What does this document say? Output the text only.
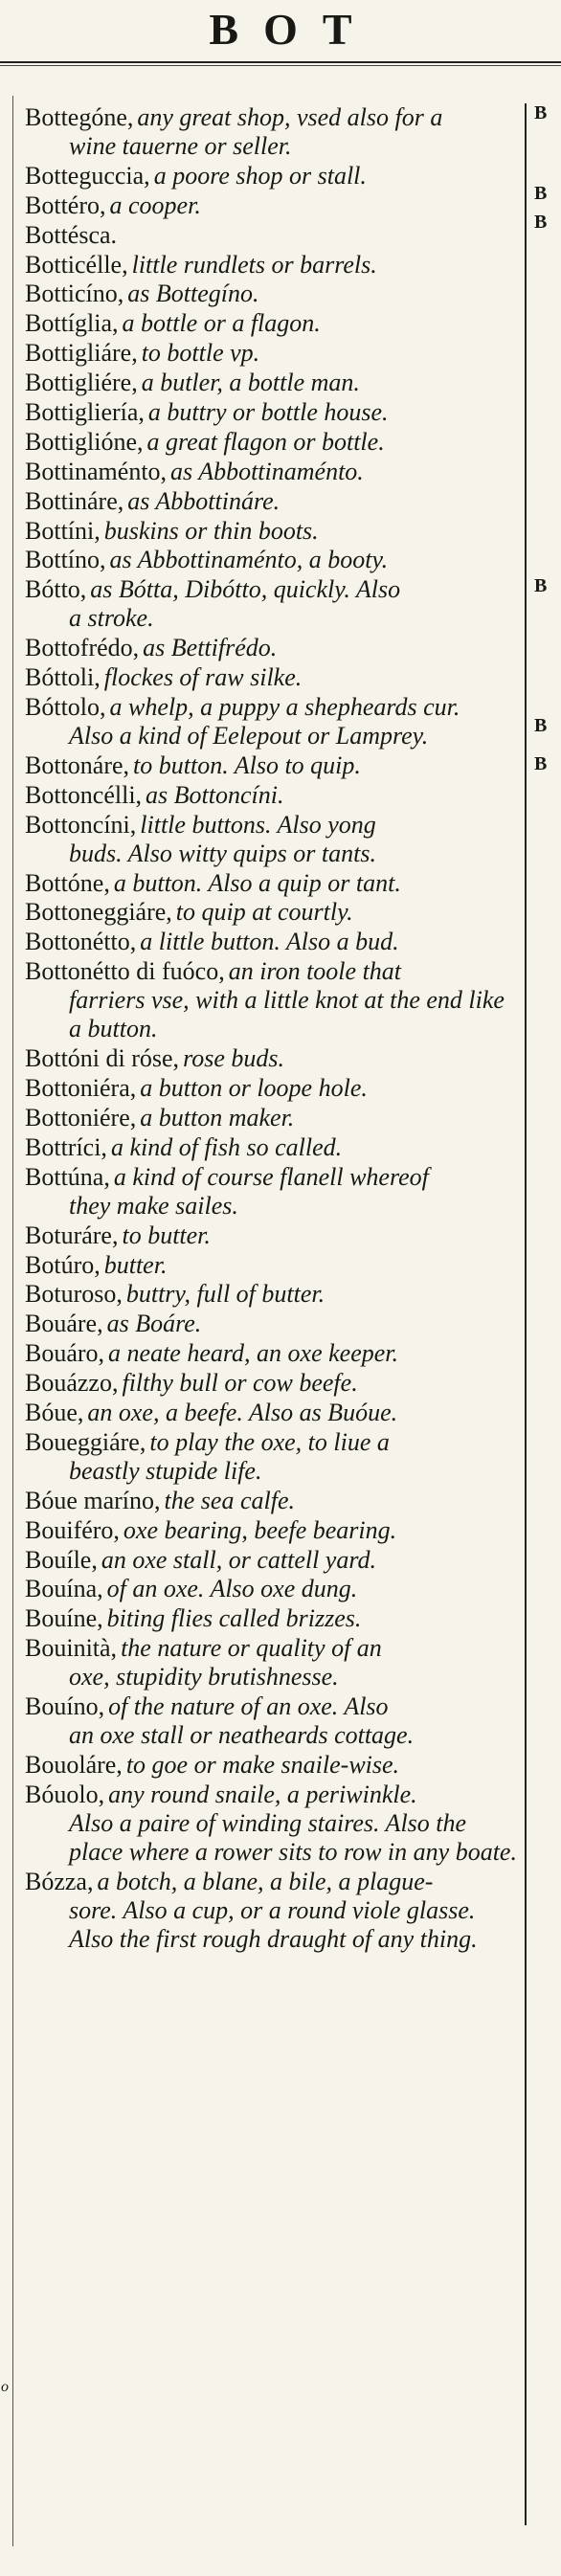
BOT
B
B
B
B
B
B
o
Bottegóne, any great shop, vsed also for a
wine tauerne or seller.
Botteguccia, a poore shop or stall.
Bottéro, a cooper.
Bottésca.
Botticélle, little rundlets or barrels.
Botticíno, as Bottegíno.
Bottíglia, a bottle or a flagon.
Bottigliáre, to bottle vp.
Bottigliére, a butler, a bottle man.
Bottigliería, a buttry or bottle house.
Bottiglióne, a great flagon or bottle.
Bottinaménto, as Abbottinaménto.
Bottináre, as Abbottináre.
Bottíni, buskins or thin boots.
Bottíno, as Abbottinaménto, a booty.
Bótto, as Bótta, Dibótto, quickly. Also
a stroke.
Bottofrédo, as Bettifrédo.
Bóttoli, flockes of raw silke.
Bóttolo, a whelp, a puppy a shepheards cur.
Also a kind of Eelepout or Lamprey.
Bottonáre, to button. Also to quip.
Bottoncélli, as Bottoncíni.
Bottoncíni, little buttons. Also yong
buds. Also witty quips or tants.
Bottóne, a button. Also a quip or tant.
Bottoneggiáre, to quip at courtly.
Bottonétto, a little button. Also a bud.
Bottonétto di fuóco, an iron toole that
farriers vse, with a little knot at the end like a button.
Bottóni di róse, rose buds.
Bottoniéra, a button or loope hole.
Bottoniére, a button maker.
Bottríci, a kind of fish so called.
Bottúna, a kind of course flanell whereof
they make sailes.
Boturáre, to butter.
Botúro, butter.
Boturoso, buttry, full of butter.
Bouáre, as Boáre.
Bouáro, a neate heard, an oxe keeper.
Bouázzo, filthy bull or cow beefe.
Bóue, an oxe, a beefe. Also as Buóue.
Boueggiáre, to play the oxe, to liue a
beastly stupide life.
Bóue maríno, the sea calfe.
Bouiféro, oxe bearing, beefe bearing.
Bouíle, an oxe stall, or cattell yard.
Bouína, of an oxe. Also oxe dung.
Bouíne, biting flies called brizzes.
Bouinità, the nature or quality of an
oxe, stupidity brutishnesse.
Bouíno, of the nature of an oxe. Also
an oxe stall or neatheards cottage.
Bouoláre, to goe or make snaile-wise.
Bóuolo, any round snaile, a periwinkle.
Also a paire of winding staires. Also the place where a rower sits to row in any boate.
Bózza, a botch, a blane, a bile, a plague-
sore. Also a cup, or a round viole glasse. Also the first rough draught of any thing.
